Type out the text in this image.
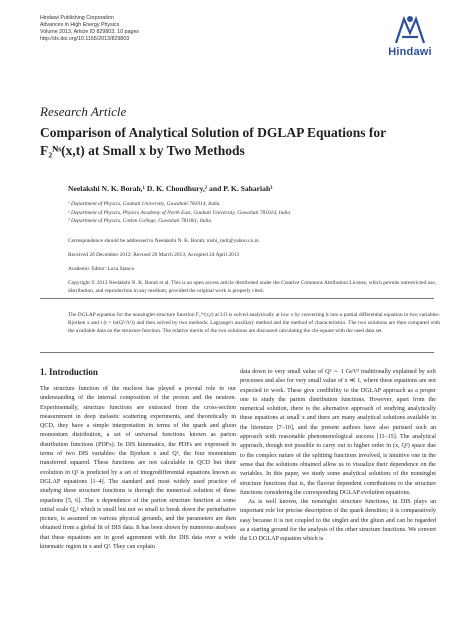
Hindawi Publishing Corporation
Advances in High Energy Physics
Volume 2013, Article ID 829803, 10 pages
http://dx.doi.org/10.1155/2013/829803
Hindawi
Research Article
Comparison of Analytical Solution of DGLAP Equations for
F₂ᴺˢ(x,t) at Small x by Two Methods
Neelakshi N. K. Borah,¹ D. K. Choudhury,² and P. K. Sahariah³
¹ Department of Physics, Gauhati University, Guwahati 781014, India
² Department of Physics, Physics Academy of North East, Gauhati University, Guwahati 781014, India
³ Department of Physics, Cotton College, Guwahati 781001, India
Correspondence should be addressed to Neelakshi N. K. Borah; nishi_indr@yahoo.co.in
Received 26 December 2012; Revised 20 March 2013; Accepted 24 April 2013
Academic Editor: Luca Stanco
Copyright © 2013 Neelakshi N. K. Borah et al. This is an open access article distributed under the Creative Commons Attribution License, which permits unrestricted use, distribution, and reproduction in any medium, provided the original work is properly cited.
The DGLAP equation for the nonsinglet structure function F₂ᴺˢ(x,t) at LO is solved analytically at low x by converting it into a partial differential equation in two variables: Bjorken x and t (t = ln(Q²/Λ²)) and then solved by two methods: Lagrange's auxiliary method and the method of characteristics. The two solutions are then compared with the available data on the structure function. The relative merits of the two solutions are discussed calculating the chi-square with the used data set.
1. Introduction

The structure function of the nucleon has played a pivotal role in our understanding of the internal composition of the proton and the neutron. Experimentally, structure functions are extracted from the cross-section measurement in deep inelastic scattering experiments, and theoretically in QCD, they have a simple interpretation in terms of the quark and gluon momentum distribution, a set of universal functions known as parton distribution functions (PDFs). In DIS kinematics, the PDFs are expressed in terms of two DIS variables: the Bjorken x and Q², the four momentum transferred squared. These functions are not calculable in QCD but their evolution in Q² is predicted by a set of integrodifferential equations known as DGLAP equations [1–4]. The standard and most widely used practice of studying these structure functions is through the numerical solution of these equations [5, 6]. The x dependence of the parton structure function at some initial scale Q₀² which is small but not so small to break down the perturbative picture, is assumed on various physical grounds, and the parameters are then obtained from a global fit of DIS data. It has been shown by numerous analyses that these equations are in good agreement with the DIS data over a wide kinematic region in x and Q². They can explain

data down to very small value of Q² ∼ 1 GeV² traditionally explained by soft processes and also for very small value of x ≪ 1, where these equations are not expected to work. These give credibility to the DGLAP approach as a proper one to study the parton distribution functions. However, apart from the numerical solution, there is the alternative approach of studying analytically these equations at small x and there are many analytical solutions available in the literature [7–10], and the present authors have also pursued such an approach with reasonable phenomenological success [11–15]. The analytical approach, though not possible to carry out to higher order in (x, Q²) space due to the complex nature of the splitting functions involved, is intuitive one in the sense that the solutions obtained allow us to visualize their dependence on the variables. In this paper, we study some analytical solutions of the nonsinglet structure functions that is, the flavour dependent contributions to the structure functions considering the corresponding DGLAP evolution equations.

As is well known, the nonsinglet structure functions, in DIS plays an important role for precise description of the quark densities; it is comparatively easy because it is not coupled to the singlet and the gluon and can be regarded as a starting ground for the analysis of the other structure functions. We convert the LO DGLAP equation which is
